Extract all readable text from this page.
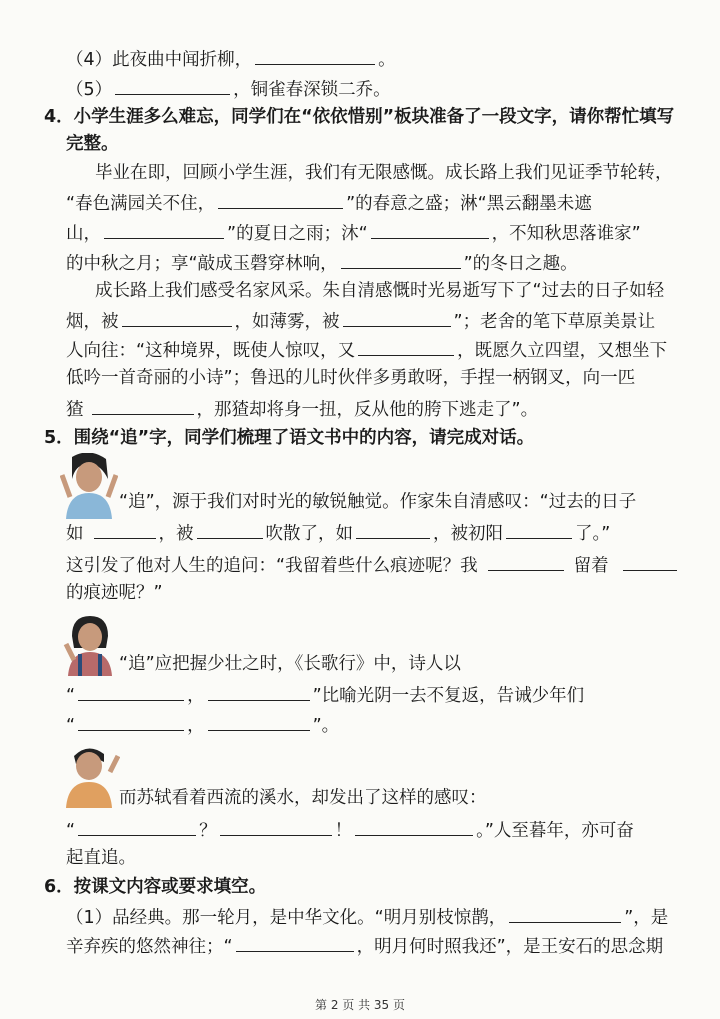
（4）此夜曲中闻折柳，	。
（5）	，铜雀春深锁二乔。
4．小学生涯多么难忘，同学们在“依依惜别”板块准备了一段文字，请你帮忙填写
完整。
毕业在即，回顾小学生涯，我们有无限感慨。成长路上我们见证季节轮转，
“春色满园关不住，	”的春意之盛；淋“黑云翻墨未遮
山，	”的夏日之雨；沐“	，不知秋思落谁家”
的中秋之月；享“敲成玉磬穿林响，	”的冬日之趣。
成长路上我们感受名家风采。朱自清感慨时光易逝写下了“过去的日子如轻
烟，被	，如薄雾，被	”；老舍的笔下草原美景让
人向往：“这种境界，既使人惊叹，又	，既愿久立四望，又想坐下
低吟一首奇丽的小诗”；鲁迅的儿时伙伴多勇敢呀，手捏一柄钢叉，向一匹
猹	，那猹却将身一扭，反从他的胯下逃走了”。
5．围绕“追”字，同学们梳理了语文书中的内容，请完成对话。
“追”，源于我们对时光的敏锐触觉。作家朱自清感叹：“过去的日子
如	，被	吹散了，如	，被初阳	了。”
这引发了他对人生的追问：“我留着些什么痕迹呢？我	留着
的痕迹呢？”
“追”应把握少壮之时，《长歌行》中，诗人以
“	，	”比喻光阴一去不复返，告诫少年们
“	，	”。
而苏轼看着西流的溪水，却发出了这样的感叹：
“	？	！	。”人至暮年，亦可奋
起直追。
6．按课文内容或要求填空。
（1）品经典。那一轮月，是中华文化。“明月别枝惊鹊，	”，是
辛弃疾的悠然神往；“	，明月何时照我还”，是王安石的思念期
第 2 页 共 35 页
